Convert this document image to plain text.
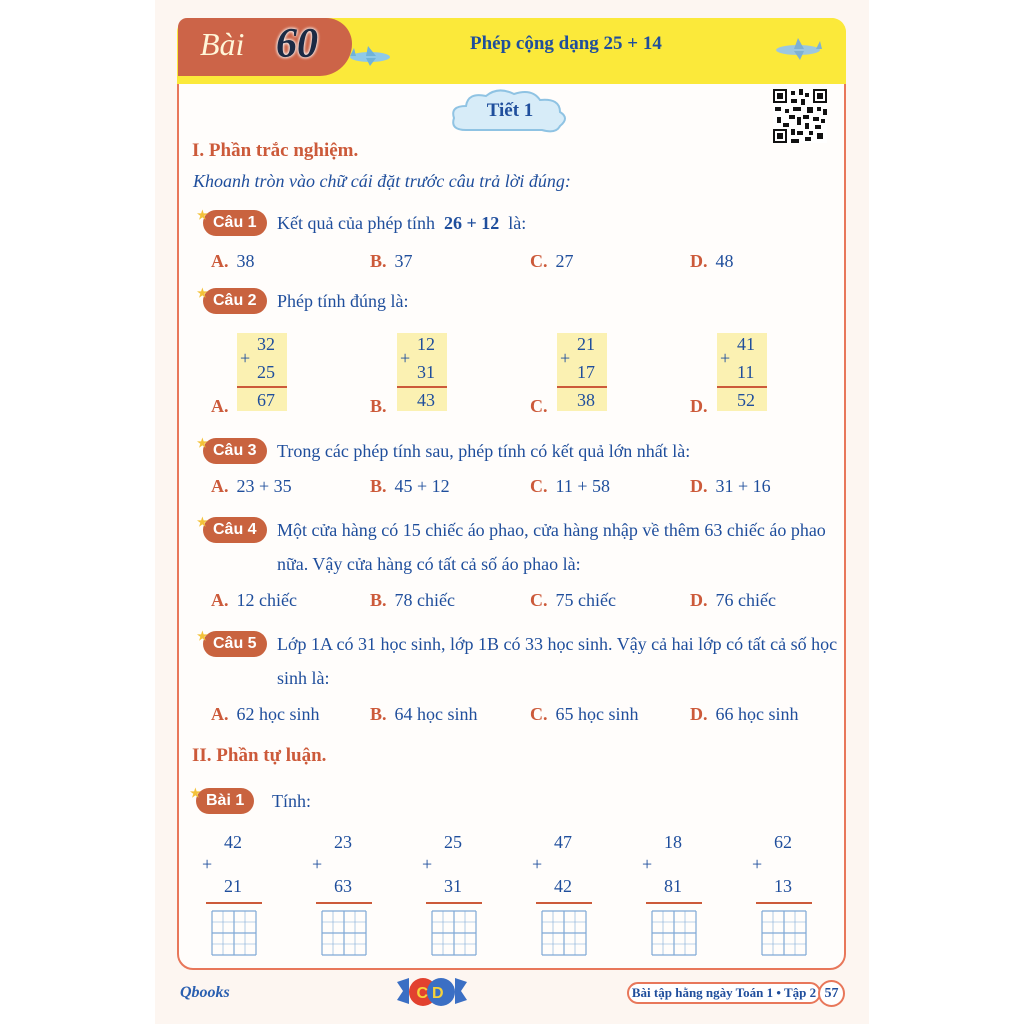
Bài 60	Phép cộng dạng 25 + 14
Tiết 1
I. Phần trắc nghiệm.
Khoanh tròn vào chữ cái đặt trước câu trả lời đúng:
★ Câu 1	Kết quả của phép tính 26 + 12 là:
A. 38	B. 37	C. 27	D. 48
★ Câu 2	Phép tính đúng là:
32
+
25
67
A.
12
+
31
43
B.
21
+
17
38
C.
41
+
11
52
D.
★ Câu 3	Trong các phép tính sau, phép tính có kết quả lớn nhất là:
A. 23 + 35	B. 45 + 12	C. 11 + 58	D. 31 + 16
★ Câu 4	Một cửa hàng có 15 chiếc áo phao, cửa hàng nhập về thêm 63 chiếc áo phao
nữa. Vậy cửa hàng có tất cả số áo phao là:
A. 12 chiếc	B. 78 chiếc	C. 75 chiếc	D. 76 chiếc
★ Câu 5	Lớp 1A có 31 học sinh, lớp 1B có 33 học sinh. Vậy cả hai lớp có tất cả số học
sinh là:
A. 62 học sinh	B. 64 học sinh	C. 65 học sinh	D. 66 học sinh
II. Phần tự luận.
★ Bài 1	Tính:
42
+
21
23
+
63
25
+
31
47
+
42
18
+
81
62
+
13
Qbooks	CD	Bài tập hằng ngày Toán 1 • Tập 2 57
